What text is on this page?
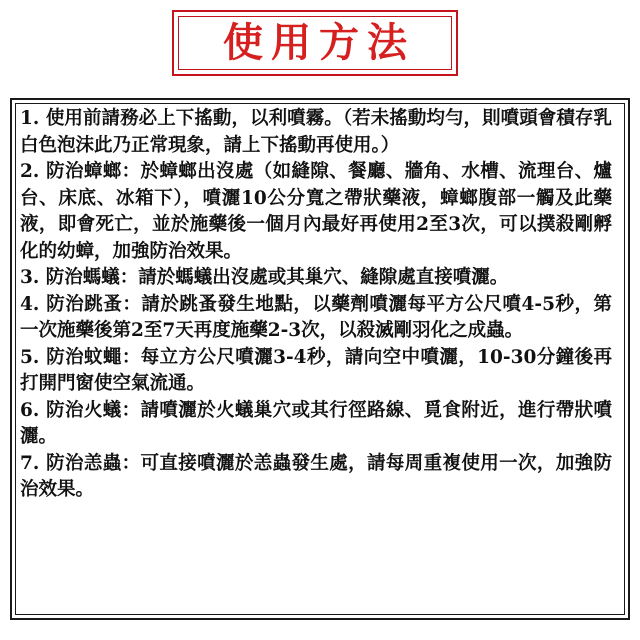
使用方法

1. 使用前請務必上下搖動，以利噴霧。（若未搖動均勻，則噴頭會積存乳白色泡沫此乃正常現象，請上下搖動再使用。）

2. 防治蟑螂：於蟑螂出沒處（如縫隙、餐廳、牆角、水槽、流理台、爐台、床底、冰箱下），噴灑10公分寬之帶狀藥液，蟑螂腹部一觸及此藥液，即會死亡，並於施藥後一個月內最好再使用2至3次，可以撲殺剛孵化的幼蟑，加強防治效果。

3. 防治螞蟻：請於螞蟻出沒處或其巢穴、縫隙處直接噴灑。

4. 防治跳蚤：請於跳蚤發生地點，以藥劑噴灑每平方公尺噴4-5秒，第一次施藥後第2至7天再度施藥2-3次，以殺滅剛羽化之成蟲。

5. 防治蚊蠅：每立方公尺噴灑3-4秒，請向空中噴灑，10-30分鐘後再打開門窗使空氣流通。

6. 防治火蟻：請噴灑於火蟻巢穴或其行徑路線、覓食附近，進行帶狀噴灑。

7. 防治恙蟲：可直接噴灑於恙蟲發生處，請每周重複使用一次，加強防治效果。
